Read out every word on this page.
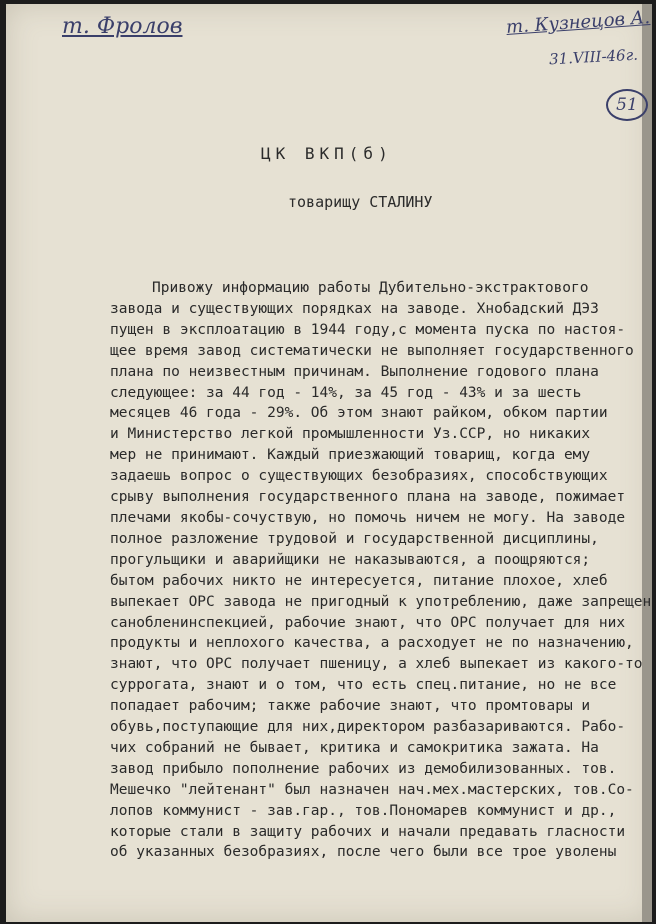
т. Фролов	т. Кузнецов А.
31.VIII-46г.
51
ЦК ВКП(б)
товарищу СТАЛИНУ
Привожу информацию работы Дубительно-экстрактового
завода и существующих порядках на заводе. Хнобадский ДЭЗ
пущен в эксплоатацию в 1944 году,с момента пуска по настоя-
щее время завод систематически не выполняет государственного
плана по неизвестным причинам. Выполнение годового плана
следующее: за 44 год - 14%, за 45 год - 43% и за шесть
месяцев 46 года - 29%. Об этом знают райком, обком партии
и Министерство легкой промышленности Уз.ССР, но никаких
мер не принимают. Каждый приезжающий товарищ, когда ему
задаешь вопрос о существующих безобразиях, способствующих
срыву выполнения государственного плана на заводе, пожимает
плечами якобы-сочуствую, но помочь ничем не могу. На заводе
полное разложение трудовой и государственной дисциплины,
прогульщики и аварийщики не наказываются, а поощряются;
бытом рабочих никто не интересуется, питание плохое, хлеб
выпекает ОРС завода не пригодный к употреблению, даже запрещен
санобленинспекцией, рабочие знают, что ОРС получает для них
продукты и неплохого качества, а расходует не по назначению,
знают, что ОРС получает пшеницу, а хлеб выпекает из какого-то
суррогата, знают и о том, что есть спец.питание, но не все
попадает рабочим; также рабочие знают, что промтовары и
обувь,поступающие для них,директором разбазариваются. Рабо-
чих собраний не бывает, критика и самокритика зажата. На
завод прибыло пополнение рабочих из демобилизованных. тов.
Мешечко "лейтенант" был назначен нач.мех.мастерских, тов.Со-
лопов коммунист - зав.гар., тов.Пономарев коммунист и др.,
которые стали в защиту рабочих и начали предавать гласности
об указанных безобразиях, после чего были все трое уволены
